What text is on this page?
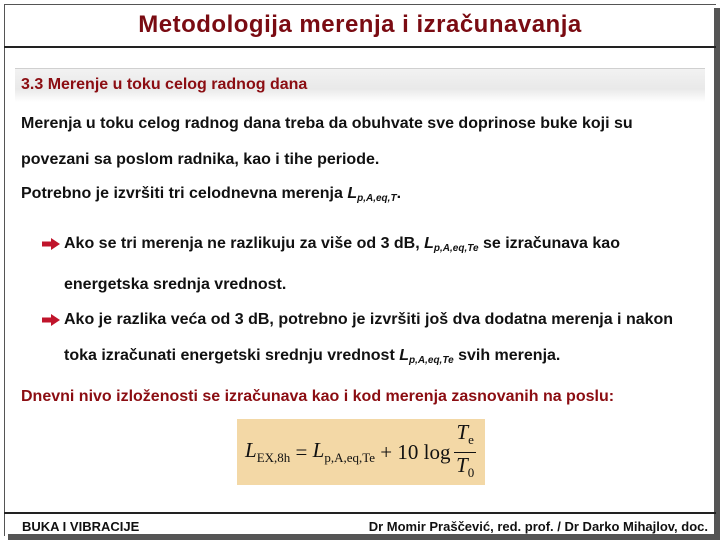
Metodologija merenja i izračunavanja
3.3 Merenje u toku celog radnog dana
Merenja u toku celog radnog dana treba da obuhvate sve doprinose buke koji su povezani sa poslom radnika, kao i tihe periode.
Potrebno je izvršiti tri celodnevna merenja $L_{p,A,eq,T}$.
Ako se tri merenja ne razlikuju za više od 3 dB, $L_{p,A,eq,Te}$ se izračunava kao energetska srednja vrednost.
Ako je razlika veća od 3 dB, potrebno je izvršiti još dva dodatna merenja i nakon toka izračunati energetski srednju vrednost $L_{p,A,eq,Te}$ svih merenja.
Dnevni nivo izloženosti se izračunava kao i kod merenja zasnovanih na poslu:
$L_{EX,8h} = L_{p,A,eq,Te} + 10$ $\log \frac{T_e}{T_0}$
BUKA I VIBRACIJE	Dr Momir Praščević, red. prof. / Dr Darko Mihajlov, doc.
